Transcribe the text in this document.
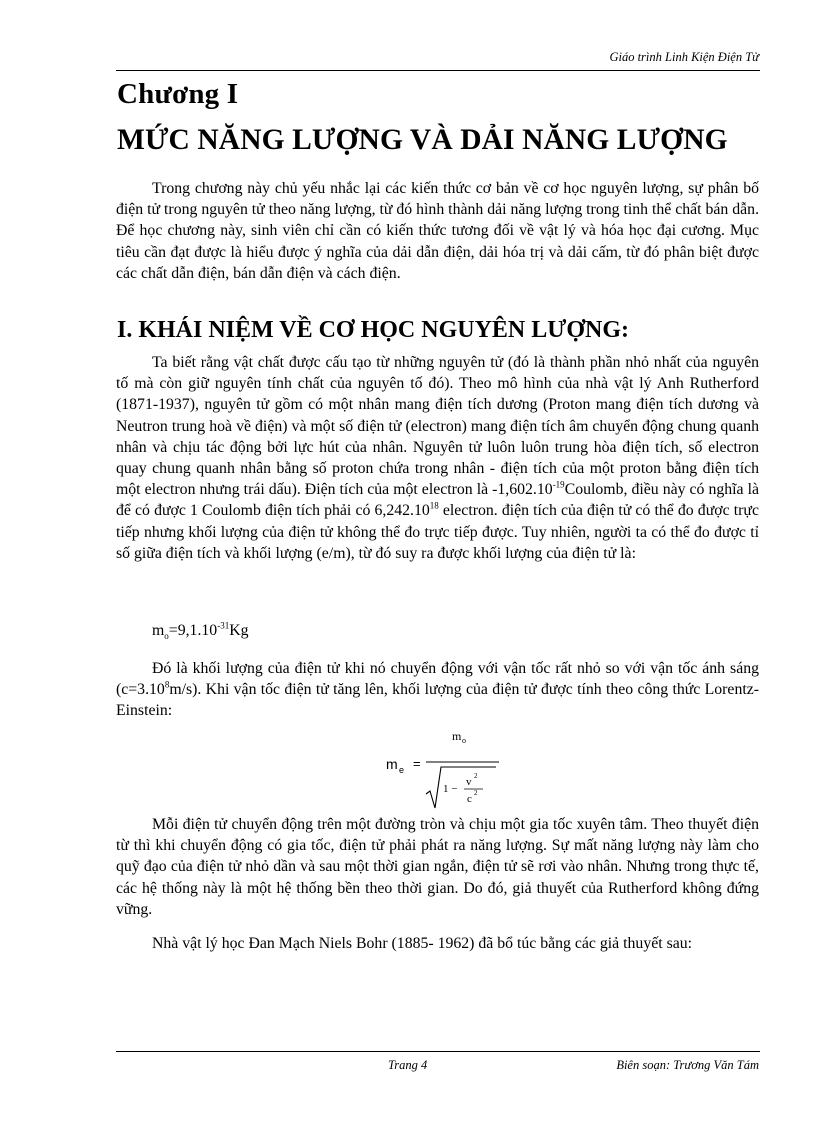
Giáo trình Linh Kiện Điện Tử
Chương I
MỨC NĂNG LƯỢNG VÀ DẢI NĂNG LƯỢNG

Trong chương này chủ yếu nhắc lại các kiến thức cơ bản về cơ học nguyên lượng, sự phân bố điện tử trong nguyên tử theo năng lượng, từ đó hình thành dải năng lượng trong tinh thể chất bán dẫn. Để học chương này, sinh viên chỉ cần có kiến thức tương đối về vật lý và hóa học đại cương. Mục tiêu cần đạt được là hiểu được ý nghĩa của dải dẫn điện, dải hóa trị và dải cấm, từ đó phân biệt được các chất dẫn điện, bán dẫn điện và cách điện.

I. KHÁI NIỆM VỀ CƠ HỌC NGUYÊN LƯỢNG:

Ta biết rằng vật chất được cấu tạo từ những nguyên tử (đó là thành phần nhỏ nhất của nguyên tố mà còn giữ nguyên tính chất của nguyên tố đó). Theo mô hình của nhà vật lý Anh Rutherford (1871-1937), nguyên tử gồm có một nhân mang điện tích dương (Proton mang điện tích dương và Neutron trung hoà về điện) và một số điện tử (electron) mang điện tích âm chuyển động chung quanh nhân và chịu tác động bởi lực hút của nhân. Nguyên tử luôn luôn trung hòa điện tích, số electron quay chung quanh nhân bằng số proton chứa trong nhân - điện tích của một proton bằng điện tích một electron nhưng trái dấu). Điện tích của một electron là $-1,602.10^{-19}Coulomb$, điều này có nghĩa là để có được 1 Coulomb điện tích phải có 6,242.10$^{18}$ electron. điện tích của điện tử có thể đo được trực tiếp nhưng khối lượng của điện tử không thể đo trực tiếp được. Tuy nhiên, người ta có thể đo được tỉ số giữa điện tích và khối lượng (e/m), từ đó suy ra được khối lượng của điện tử là:

$m_o=9,1.10^{-31}Kg$

Đó là khối lượng của điện tử khi nó chuyển động với vận tốc rất nhỏ so với vận tốc ánh sáng $(c=3.10^8m/s)$. Khi vận tốc điện tử tăng lên, khối lượng của điện tử được tính theo công thức Lorentz-Einstein:

m e =
m o
1 −
v 2
c 2

Mỗi điện tử chuyển động trên một đường tròn và chịu một gia tốc xuyên tâm. Theo thuyết điện từ thì khi chuyển động có gia tốc, điện tử phải phát ra năng lượng. Sự mất năng lượng này làm cho quỹ đạo của điện tử nhỏ dần và sau một thời gian ngắn, điện tử sẽ rơi vào nhân. Nhưng trong thực tế, các hệ thống này là một hệ thống bền theo thời gian. Do đó, giả thuyết của Rutherford không đứng vững.

Nhà vật lý học Đan Mạch Niels Bohr (1885- 1962) đã bổ túc bằng các giả thuyết sau:

Trang 4	Biên soạn: Trương Văn Tám
